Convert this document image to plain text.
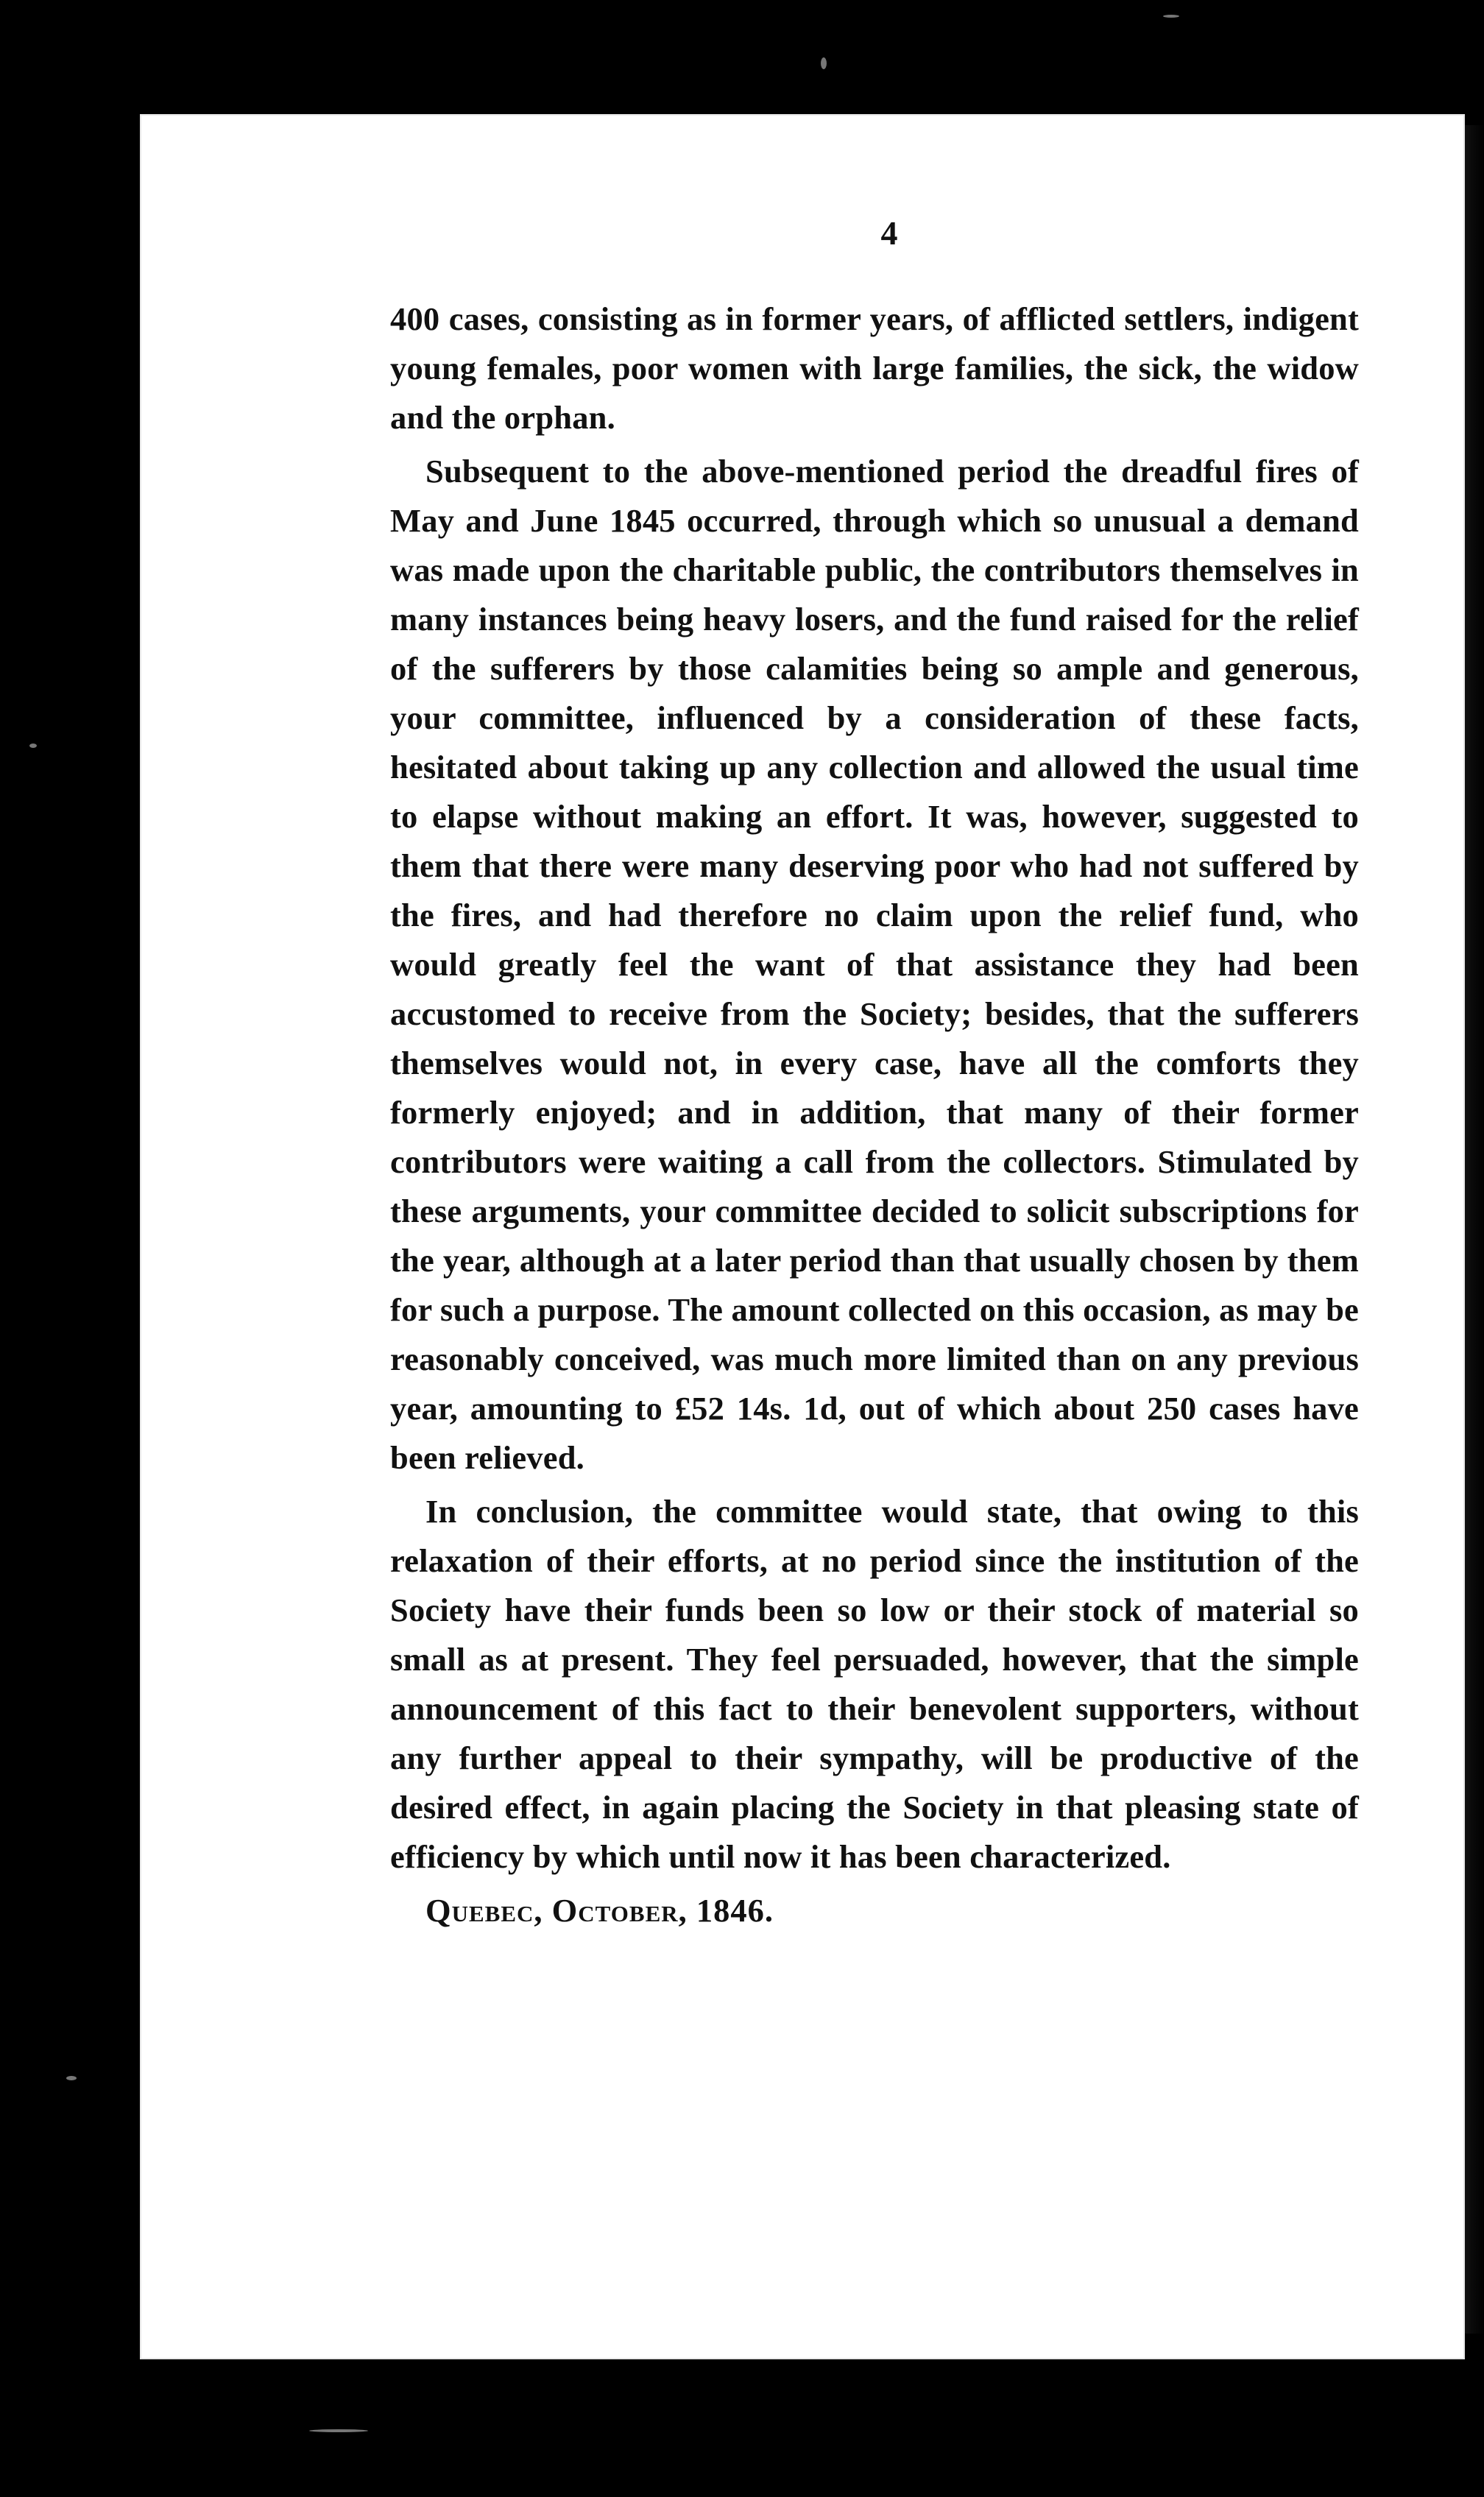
4

400 cases, consisting as in former years, of afflicted settlers, indigent young females, poor women with large families, the sick, the widow and the orphan.

Subsequent to the above-mentioned period the dreadful fires of May and June 1845 occurred, through which so unusual a demand was made upon the charitable public, the contributors themselves in many instances being heavy losers, and the fund raised for the relief of the sufferers by those calamities being so ample and generous, your committee, influenced by a consideration of these facts, hesitated about taking up any collection and allowed the usual time to elapse without making an effort. It was, however, suggested to them that there were many deserving poor who had not suffered by the fires, and had therefore no claim upon the relief fund, who would greatly feel the want of that assistance they had been accustomed to receive from the Society; besides, that the sufferers themselves would not, in every case, have all the comforts they formerly enjoyed; and in addition, that many of their former contributors were waiting a call from the collectors. Stimulated by these arguments, your committee decided to solicit subscriptions for the year, although at a later period than that usually chosen by them for such a purpose. The amount collected on this occasion, as may be reasonably conceived, was much more limited than on any previous year, amounting to £52 14s. 1d, out of which about 250 cases have been relieved.

In conclusion, the committee would state, that owing to this relaxation of their efforts, at no period since the institution of the Society have their funds been so low or their stock of material so small as at present. They feel persuaded, however, that the simple announcement of this fact to their benevolent supporters, without any further appeal to their sympathy, will be productive of the desired effect, in again placing the Society in that pleasing state of efficiency by which until now it has been characterized.

Quebec, October, 1846.
